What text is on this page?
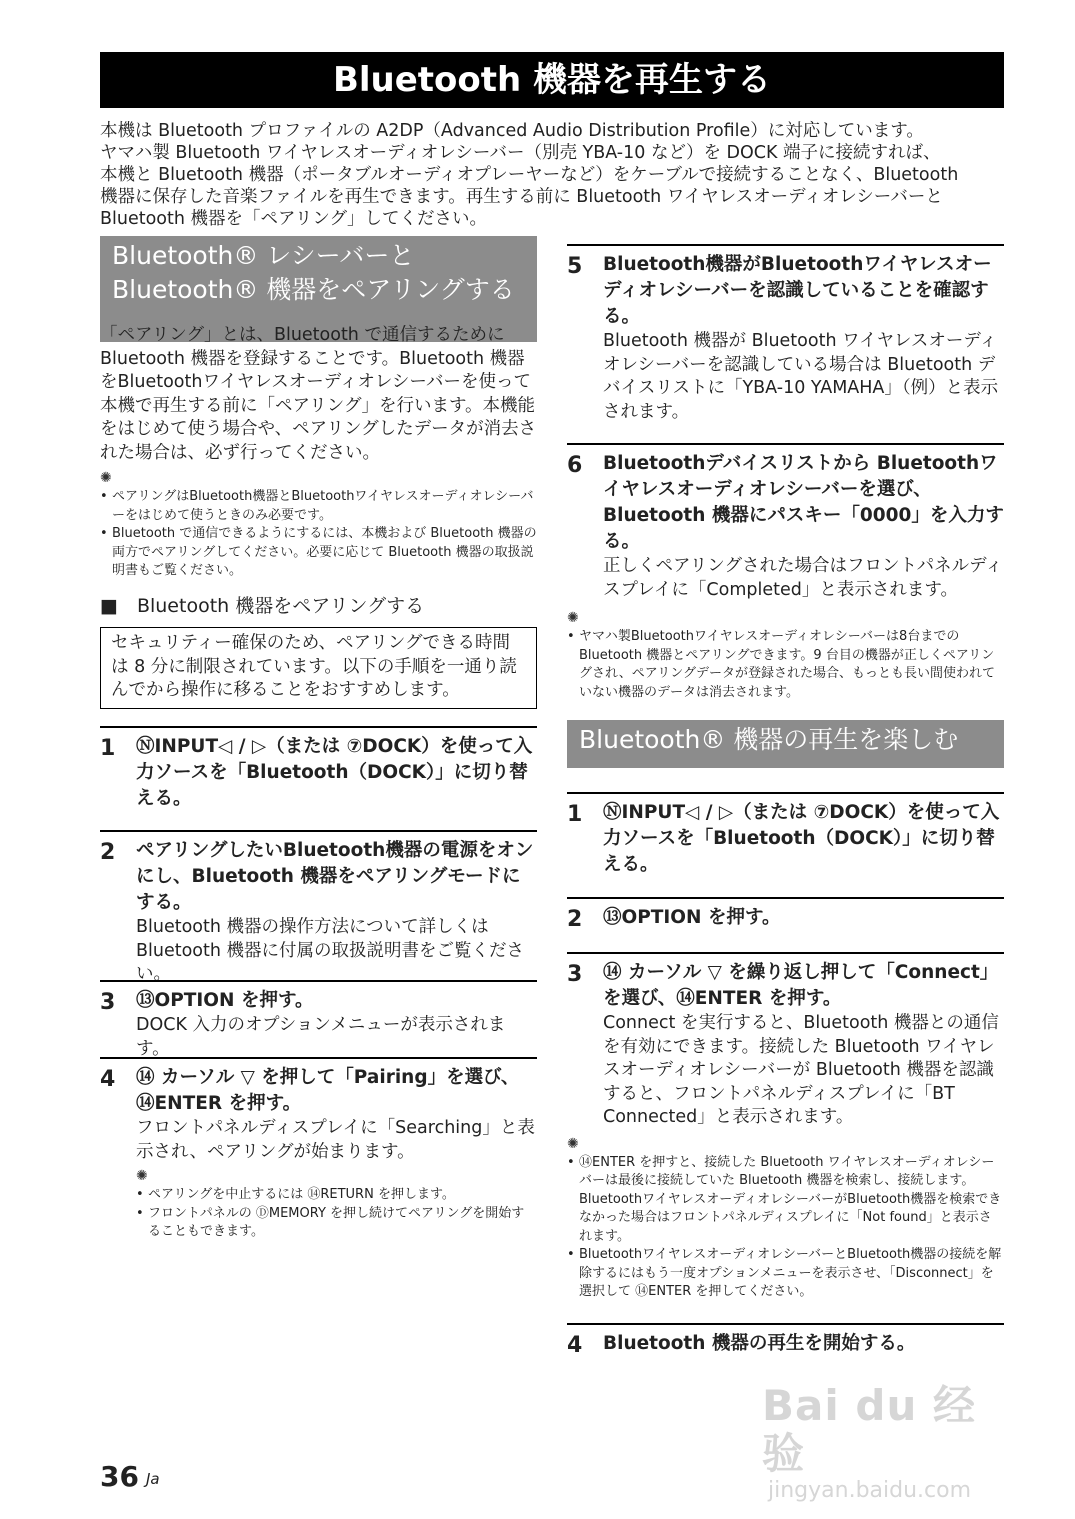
Bluetooth 機器を再生する

本機は Bluetooth プロファイルの A2DP（Advanced Audio Distribution Profile）に対応しています。

ヤマハ製 Bluetooth ワイヤレスオーディオレシーバー（別売 YBA-10 など）を DOCK 端子に接続すれば、

本機と Bluetooth 機器（ポータブルオーディオプレーヤーなど）をケーブルで接続することなく、Bluetooth

機器に保存した音楽ファイルを再生できます。再生する前に Bluetooth ワイヤレスオーディオレシーバーと

Bluetooth 機器を「ペアリング」してください。

Bluetooth® レシーバーと
Bluetooth® 機器をペアリングする
「ペアリング」とは、Bluetooth で通信するために Bluetooth 機器を登録することです。Bluetooth 機器をBluetoothワイヤレスオーディオレシーバーを使って本機で再生する前に「ペアリング」を行います。本機能をはじめて使う場合や、ペアリングしたデータが消去された場合は、必ず行ってください。
✺
• ペアリングはBluetooth機器とBluetoothワイヤレスオーディオレシーバーをはじめて使うときのみ必要です。
• Bluetooth で通信できるようにするには、本機および Bluetooth 機器の両方でペアリングしてください。必要に応じて Bluetooth 機器の取扱説明書もご覧ください。
■　Bluetooth 機器をペアリングする
セキュリティー確保のため、ペアリングできる時間は 8 分に制限されています。以下の手順を一通り読んでから操作に移ることをおすすめします。
1 ⓃINPUT◁ / ▷（または ⑦DOCK）を使って入力ソースを「Bluetooth（DOCK）」に切り替える。
2 ペアリングしたいBluetooth機器の電源をオンにし、Bluetooth 機器をペアリングモードにする。
Bluetooth 機器の操作方法について詳しくは Bluetooth 機器に付属の取扱説明書をご覧ください。
3 ⑬OPTION を押す。
DOCK 入力のオプションメニューが表示されます。
4 ⑭ カーソル ▽ を押して「Pairing」を選び、⑭ENTER を押す。
フロントパネルディスプレイに「Searching」と表示され、ペアリングが始まります。
✺
• ペアリングを中止するには ⑭RETURN を押します。
• フロントパネルの ⒹMEMORY を押し続けてペアリングを開始することもできます。
5 Bluetooth機器がBluetoothワイヤレスオーディオレシーバーを認識していることを確認する。
Bluetooth 機器が Bluetooth ワイヤレスオーディオレシーバーを認識している場合は Bluetooth デバイスリストに「YBA-10 YAMAHA」（例）と表示されます。
6 Bluetoothデバイスリストから Bluetoothワイヤレスオーディオレシーバーを選び、Bluetooth 機器にパスキー「0000」を入力する。
正しくペアリングされた場合はフロントパネルディスプレイに「Completed」と表示されます。
✺
• ヤマハ製Bluetoothワイヤレスオーディオレシーバーは8台までの Bluetooth 機器とペアリングできます。9 台目の機器が正しくペアリングされ、ペアリングデータが登録された場合、もっとも長い間使われていない機器のデータは消去されます。
Bluetooth® 機器の再生を楽しむ
1 ⓃINPUT◁ / ▷（または ⑦DOCK）を使って入力ソースを「Bluetooth（DOCK）」に切り替える。
2 ⑬OPTION を押す。
3 ⑭ カーソル ▽ を繰り返し押して「Connect」を選び、⑭ENTER を押す。
Connect を実行すると、Bluetooth 機器との通信を有効にできます。接続した Bluetooth ワイヤレスオーディオレシーバーが Bluetooth 機器を認識すると、フロントパネルディスプレイに「BT Connected」と表示されます。
✺
• ⑭ENTER を押すと、接続した Bluetooth ワイヤレスオーディオレシーバーは最後に接続していた Bluetooth 機器を検索し、接続します。BluetoothワイヤレスオーディオレシーバーがBluetooth機器を検索できなかった場合はフロントパネルディスプレイに「Not found」と表示されます。
• BluetoothワイヤレスオーディオレシーバーとBluetooth機器の接続を解除するにはもう一度オプションメニューを表示させ、「Disconnect」を選択して ⑭ENTER を押してください。
4 Bluetooth 機器の再生を開始する。
36 Ja
Bai du 经验
jingyan.baidu.com
